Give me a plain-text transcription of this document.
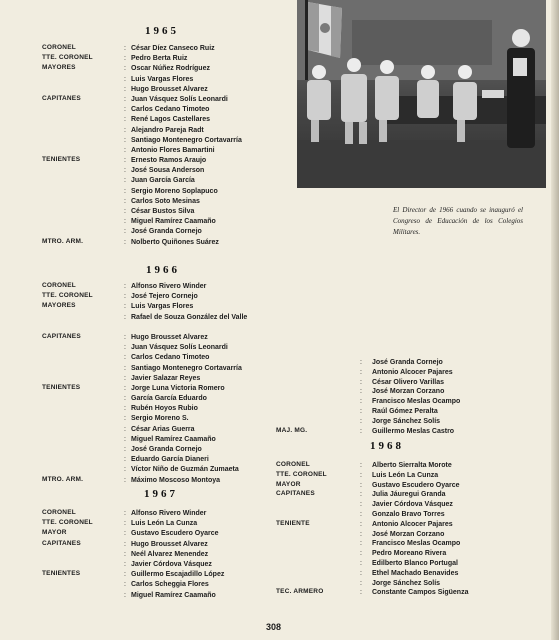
1965
CORONEL	: César Díez Canseco Ruiz
TTE. CORONEL	: Pedro Berta Ruiz
MAYORES	: Oscar Núñez Rodríguez
: Luis Vargas Flores
: Hugo Brousset Alvarez
CAPITANES	: Juan Vásquez Solís Leonardi
: Carlos Cedano Timoteo
: René Lagos Castellares
: Alejandro Pareja Radt
: Santiago Montenegro Cortavarría
: Antonio Flores Bamartini
TENIENTES	: Ernesto Ramos Araujo
: José Sousa Anderson
: Juan García García
: Sergio Moreno Soplapuco
: Carlos Soto Mesinas
: César Bustos Silva
: Miguel Ramírez Caamaño
: José Granda Cornejo
MTRO. ARM.	: Nolberto Quiñones Suárez
1966
CORONEL	: Alfonso Rivero Winder
TTE. CORONEL	: José Tejero Cornejo
MAYORES	: Luis Vargas Flores
: Rafael de Souza González del Valle
CAPITANES	: Hugo Brousset Alvarez
: Juan Vásquez Solís Leonardi
: Carlos Cedano Timoteo
: Santiago Montenegro Cortavarría
: Javier Salazar Reyes
TENIENTES	: Jorge Luna Victoria Romero
: García García Eduardo
: Rubén Hoyos Rubio
: Sergio Moreno S.
: César Arias Guerra
: Miguel Ramírez Caamaño
: José Granda Cornejo
: Eduardo García Dianeri
: Víctor Niño de Guzmán Zumaeta
MTRO. ARM.	: Máximo Moscoso Montoya
1967
CORONEL	: Alfonso Rivero Winder
TTE. CORONEL	: Luis León La Cunza
MAYOR	: Gustavo Escudero Oyarce
CAPITANES	: Hugo Brousset Alvarez
: Neél Alvarez Menendez
: Javier Córdova Vásquez
TENIENTES	: Guillermo Escajadillo López
: Carlos Scheggia Flores
: Miguel Ramírez Caamaño
: José Granda Cornejo
: Antonio Alcocer Pajares
: César Olivero Varillas
: José Morzan Corzano
: Francisco Meslas Ocampo
: Raúl Gómez Peralta
: Jorge Sánchez Solís
MAJ. MG.	: Guillermo Meslas Castro
1968
CORONEL	: Alberto Sierralta Morote
TTE. CORONEL	: Luis León La Cunza
MAYOR	: Gustavo Escudero Oyarce
CAPITANES	: Julia Jáuregui Granda
: Javier Córdova Vásquez
: Gonzalo Bravo Torres
TENIENTE	: Antonio Alcocer Pajares
: José Morzan Corzano
: Francisco Meslas Ocampo
: Pedro Moreano Rivera
: Edilberto Blanco Portugal
: Ethel Machado Benavides
: Jorge Sánchez Solís
TEC. ARMERO	: Constante Campos Sigüenza
El Director de 1966 cuando se inauguró el Congreso de Educación de los Colegios Militares.
308
